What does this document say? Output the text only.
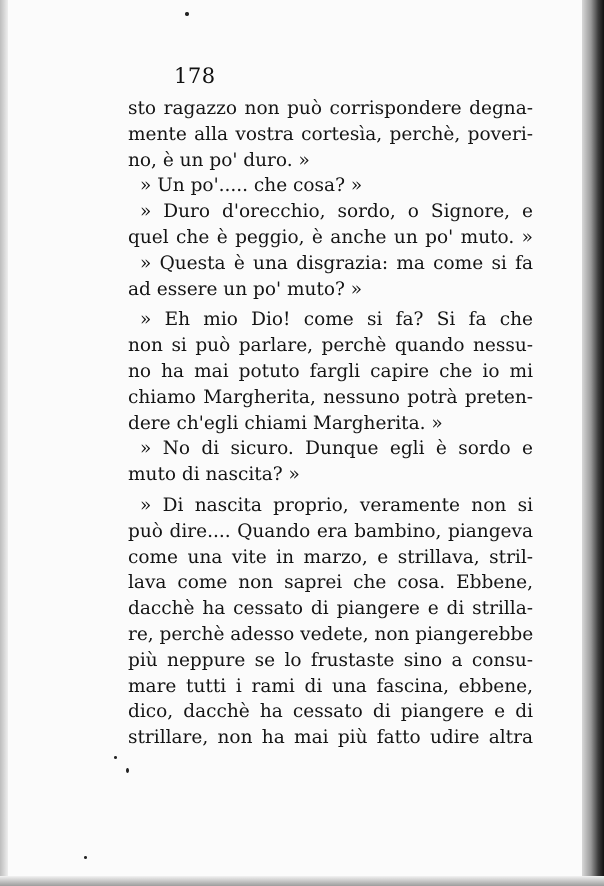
178
sto ragazzo non può corrispondere degna-
mente alla vostra cortesìa, perchè, poveri-
no, è un po' duro. »
» Un po'..... che cosa? »
» Duro d'orecchio, sordo, o Signore, e
quel che è peggio, è anche un po' muto. »
» Questa è una disgrazia: ma come si fa
ad essere un po' muto? »
» Eh mio Dio! come si fa? Si fa che
non si può parlare, perchè quando nessu-
no ha mai potuto fargli capire che io mi
chiamo Margherita, nessuno potrà preten-
dere ch'egli chiami Margherita. »
» No di sicuro. Dunque egli è sordo e
muto di nascita? »
» Di nascita proprio, veramente non si
può dire.... Quando era bambino, piangeva
come una vite in marzo, e strillava, stril-
lava come non saprei che cosa. Ebbene,
dacchè ha cessato di piangere e di strilla-
re, perchè adesso vedete, non piangerebbe
più neppure se lo frustaste sino a consu-
mare tutti i rami di una fascina, ebbene,
dico, dacchè ha cessato di piangere e di
strillare, non ha mai più fatto udire altra
